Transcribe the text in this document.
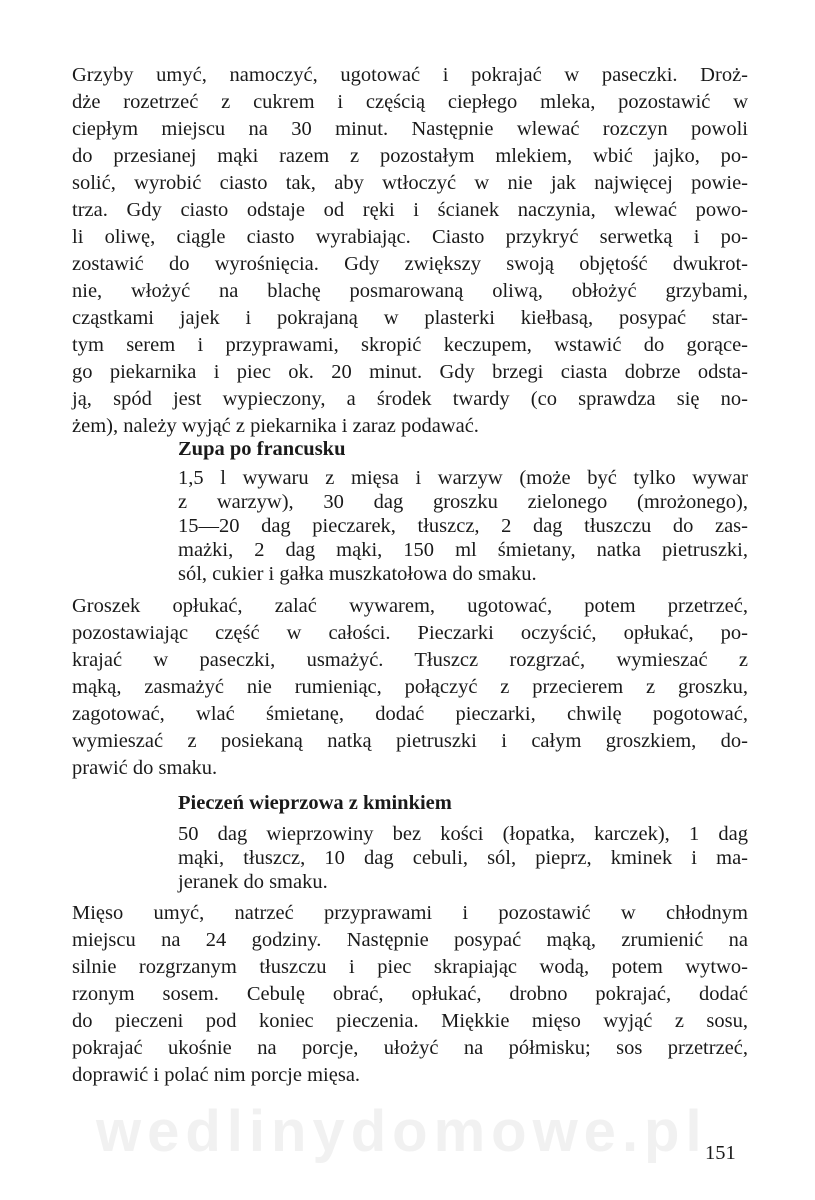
Grzyby umyć, namoczyć, ugotować i pokrajać w paseczki. Droż-
dże rozetrzeć z cukrem i częścią ciepłego mleka, pozostawić w
ciepłym miejscu na 30 minut. Następnie wlewać rozczyn powoli
do przesianej mąki razem z pozostałym mlekiem, wbić jajko, po-
solić, wyrobić ciasto tak, aby wtłoczyć w nie jak najwięcej powie-
trza. Gdy ciasto odstaje od ręki i ścianek naczynia, wlewać powo-
li oliwę, ciągle ciasto wyrabiając. Ciasto przykryć serwetką i po-
zostawić do wyrośnięcia. Gdy zwiększy swoją objętość dwukrot-
nie, włożyć na blachę posmarowaną oliwą, obłożyć grzybami,
cząstkami jajek i pokrajaną w plasterki kiełbasą, posypać star-
tym serem i przyprawami, skropić keczupem, wstawić do gorące-
go piekarnika i piec ok. 20 minut. Gdy brzegi ciasta dobrze odsta-
ją, spód jest wypieczony, a środek twardy (co sprawdza się no-
żem), należy wyjąć z piekarnika i zaraz podawać.
Zupa po francusku
1,5 l wywaru z mięsa i warzyw (może być tylko wywar
z warzyw), 30 dag groszku zielonego (mrożonego),
15—20 dag pieczarek, tłuszcz, 2 dag tłuszczu do zas-
mażki, 2 dag mąki, 150 ml śmietany, natka pietruszki,
sól, cukier i gałka muszkatołowa do smaku.
Groszek opłukać, zalać wywarem, ugotować, potem przetrzeć,
pozostawiając część w całości. Pieczarki oczyścić, opłukać, po-
krajać w paseczki, usmażyć. Tłuszcz rozgrzać, wymieszać z
mąką, zasmażyć nie rumieniąc, połączyć z przecierem z groszku,
zagotować, wlać śmietanę, dodać pieczarki, chwilę pogotować,
wymieszać z posiekaną natką pietruszki i całym groszkiem, do-
prawić do smaku.
Pieczeń wieprzowa z kminkiem
50 dag wieprzowiny bez kości (łopatka, karczek), 1 dag
mąki, tłuszcz, 10 dag cebuli, sól, pieprz, kminek i ma-
jeranek do smaku.
Mięso umyć, natrzeć przyprawami i pozostawić w chłodnym
miejscu na 24 godziny. Następnie posypać mąką, zrumienić na
silnie rozgrzanym tłuszczu i piec skrapiając wodą, potem wytwo-
rzonym sosem. Cebulę obrać, opłukać, drobno pokrajać, dodać
do pieczeni pod koniec pieczenia. Miękkie mięso wyjąć z sosu,
pokrajać ukośnie na porcje, ułożyć na półmisku; sos przetrzeć,
doprawić i polać nim porcje mięsa.
wedlinydomowe.pl
151
